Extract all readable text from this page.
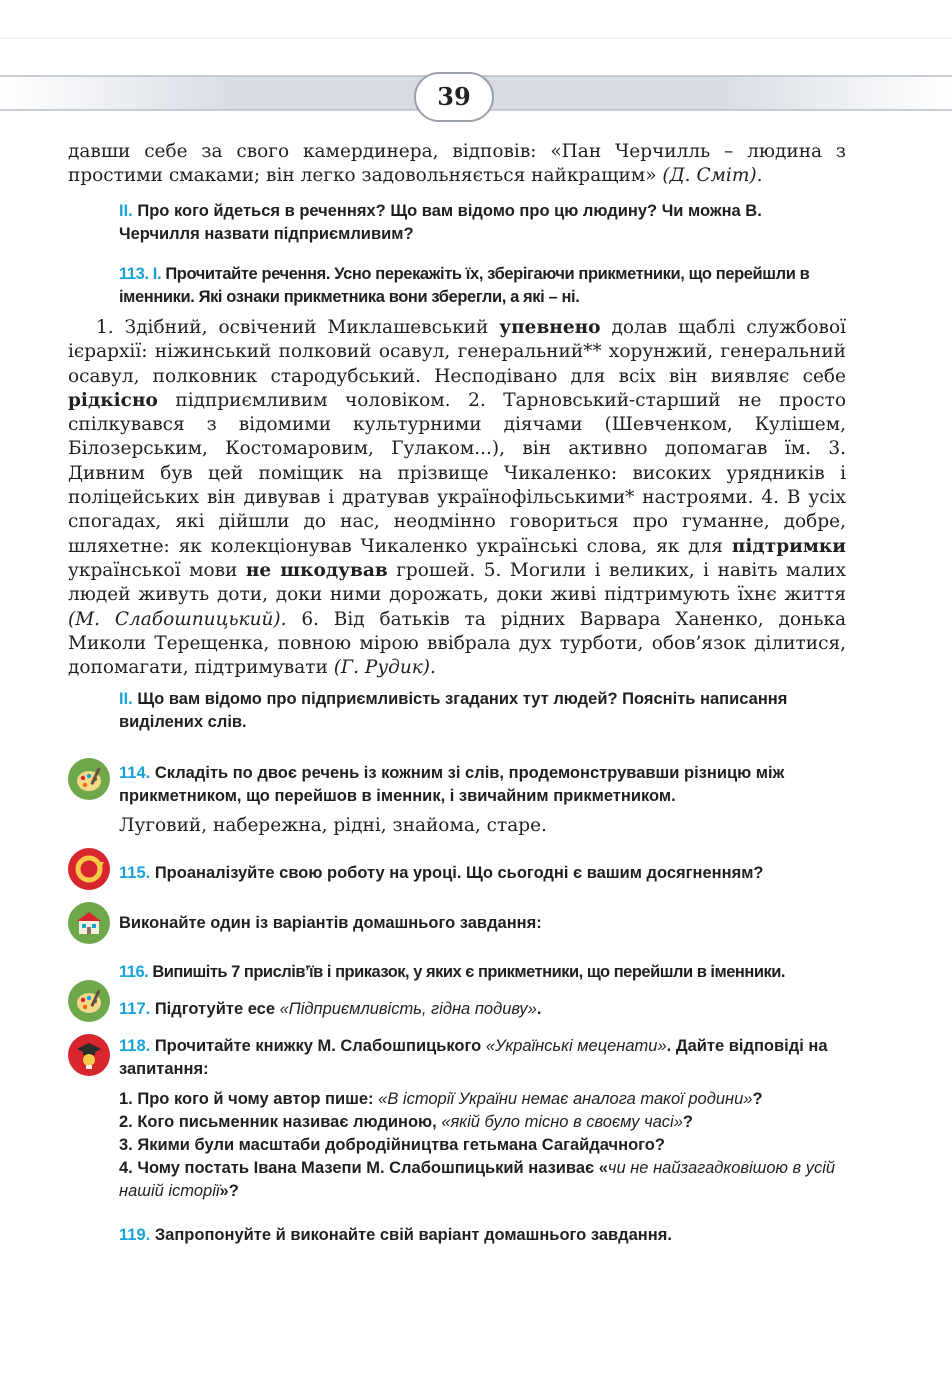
39

давши себе за свого камердинера, відповів: «Пан Черчилль – людина з простими смаками; він легко задовольняється найкращим» (Д. Сміт).

ІІ. Про кого йдеться в реченнях? Що вам відомо про цю людину? Чи можна В. Черчилля назвати підприємливим?

113. І. Прочитайте речення. Усно перекажіть їх, зберігаючи прикметники, що перейшли в іменники. Які ознаки прикметника вони зберегли, а які – ні.

1. Здібний, освічений Миклашевський упевнено долав щаблі службової ієрархії: ніжинський полковий осавул, генеральний** хорунжий, генеральний осавул, полковник стародубський. Несподівано для всіх він виявляє себе рідкісно підприємливим чоловіком. 2. Тарновський-старший не просто спілкувався з відомими культурними діячами (Шевченком, Кулішем, Білозерським, Костомаровим, Гулаком...), він активно допомагав їм. 3. Дивним був цей поміщик на прізвище Чикаленко: високих урядників і поліцейських він дивував і дратував українофільськими* настроями. 4. В усіх спогадах, які дійшли до нас, неодмінно говориться про гуманне, добре, шляхетне: як колекціонував Чикаленко українські слова, як для підтримки української мови не шкодував грошей. 5. Могили і великих, і навіть малих людей живуть доти, доки ними дорожать, доки живі підтримують їхнє життя (М. Слабошпицький). 6. Від батьків та рідних Варвара Ханенко, донька Миколи Терещенка, повною мірою ввібрала дух турботи, обов’язок ділитися, допомагати, підтримувати (Г. Рудик).

ІІ. Що вам відомо про підприємливість згаданих тут людей? Поясніть написання виділених слів.

114. Складіть по двоє речень із кожним зі слів, продемонструвавши різницю між прикметником, що перейшов в іменник, і звичайним прикметником.

Луговий, набережна, рідні, знайома, старе.

115. Проаналізуйте свою роботу на уроці. Що сьогодні є вашим досягненням?

Виконайте один із варіантів домашнього завдання:

116. Випишіть 7 прислів’їв і приказок, у яких є прикметники, що перейшли в іменники.

117. Підготуйте есе «Підприємливість, гідна подиву».

118. Прочитайте книжку М. Слабошпицького «Українські меценати». Дайте відповіді на запитання:

1. Про кого й чому автор пише: «В історії України немає аналога такої родини»?

2. Кого письменник називає людиною, «якій було тісно в своєму часі»?

3. Якими були масштаби добродійництва гетьмана Сагайдачного?

4. Чому постать Івана Мазепи М. Слабошпицький називає «чи не найзагадковішою в усій нашій історії»?

119. Запропонуйте й виконайте свій варіант домашнього завдання.
